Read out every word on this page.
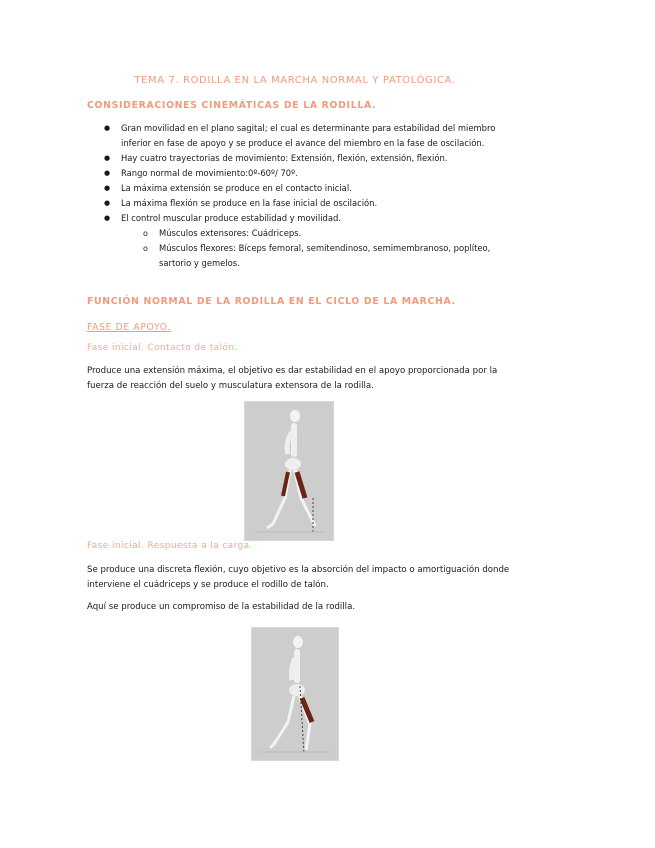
TEMA 7. RODILLA EN LA MARCHA NORMAL Y PATOLÓGICA.
CONSIDERACIONES CINEMÁTICAS DE LA RODILLA.
● Gran movilidad en el plano sagital; el cual es determinante para estabilidad del miembro inferior en fase de apoyo y se produce el avance del miembro en la fase de oscilación.
● Hay cuatro trayectorias de movimiento: Extensión, flexión, extensión, flexión.
● Rango normal de movimiento:0º-60º/ 70º.
● La máxima extensión se produce en el contacto inicial.
● La máxima flexión se produce en la fase inicial de oscilación.
● El control muscular produce estabilidad y movilidad.
o Músculos extensores: Cuádriceps.
o Músculos flexores: Bíceps femoral, semitendinoso, semimembranoso, poplíteo, sartorio y gemelos.
FUNCIÓN NORMAL DE LA RODILLA EN EL CICLO DE LA MARCHA.
FASE DE APOYO.
Fase inicial. Contacto de talón.
Produce una extensión máxima, el objetivo es dar estabilidad en el apoyo proporcionada por la fuerza de reacción del suelo y musculatura extensora de la rodilla.
Fase inicial. Respuesta a la carga.
Se produce una discreta flexión, cuyo objetivo es la absorción del impacto o amortiguación donde interviene el cuádriceps y se produce el rodillo de talón.
Aquí se produce un compromiso de la estabilidad de la rodilla.
